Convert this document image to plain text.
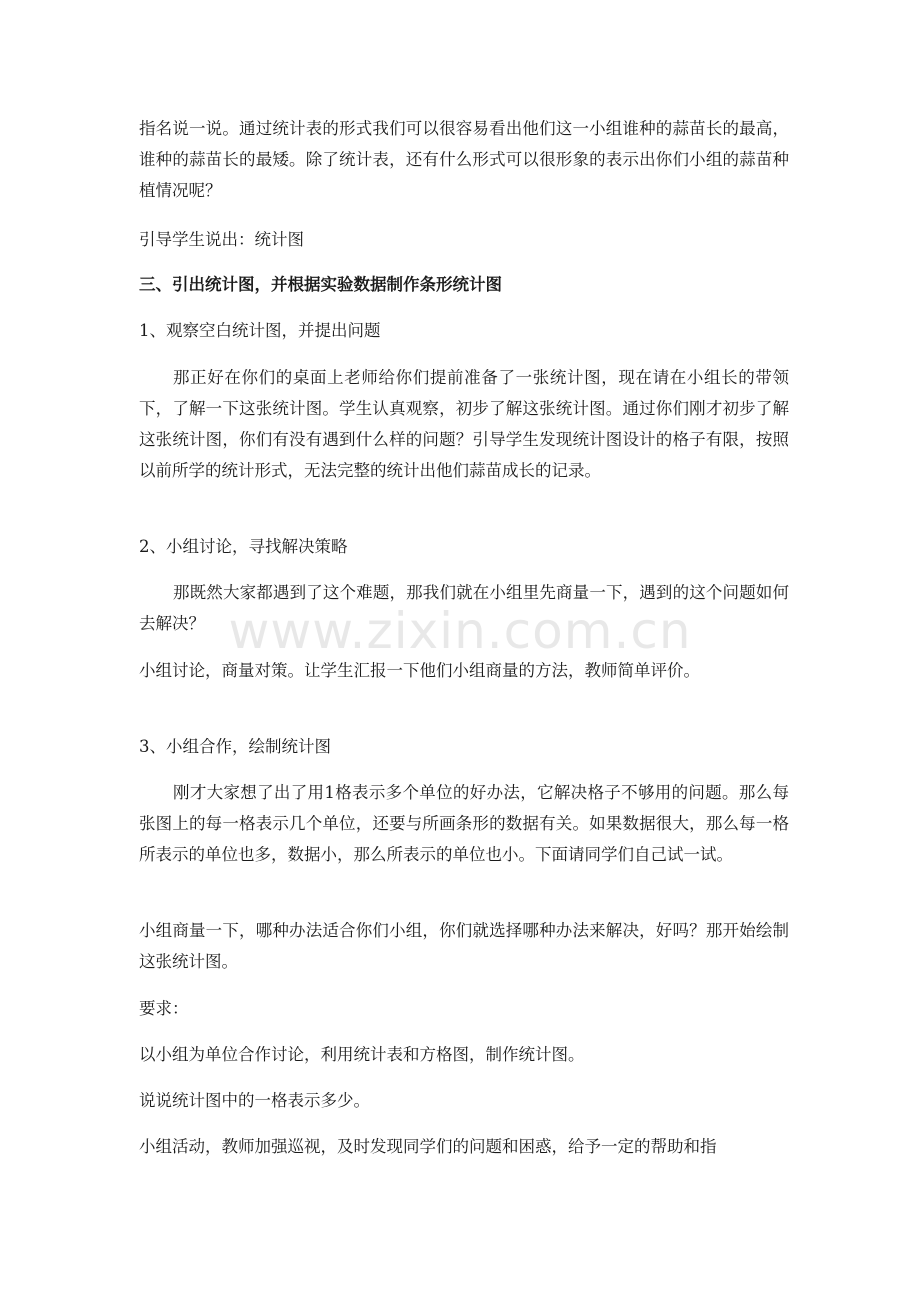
指名说一说。通过统计表的形式我们可以很容易看出他们这一小组谁种的蒜苗长的最高，谁种的蒜苗长的最矮。除了统计表，还有什么形式可以很形象的表示出你们小组的蒜苗种植情况呢？

引导学生说出：统计图

三、引出统计图，并根据实验数据制作条形统计图

1、观察空白统计图，并提出问题

那正好在你们的桌面上老师给你们提前准备了一张统计图，现在请在小组长的带领下，了解一下这张统计图。学生认真观察，初步了解这张统计图。通过你们刚才初步了解这张统计图，你们有没有遇到什么样的问题？引导学生发现统计图设计的格子有限，按照以前所学的统计形式，无法完整的统计出他们蒜苗成长的记录。

2、小组讨论，寻找解决策略

那既然大家都遇到了这个难题，那我们就在小组里先商量一下，遇到的这个问题如何去解决？

小组讨论，商量对策。让学生汇报一下他们小组商量的方法，教师简单评价。

3、小组合作，绘制统计图

刚才大家想了出了用1格表示多个单位的好办法，它解决格子不够用的问题。那么每张图上的每一格表示几个单位，还要与所画条形的数据有关。如果数据很大，那么每一格所表示的单位也多，数据小，那么所表示的单位也小。下面请同学们自己试一试。

小组商量一下，哪种办法适合你们小组，你们就选择哪种办法来解决，好吗？那开始绘制这张统计图。

要求：

以小组为单位合作讨论，利用统计表和方格图，制作统计图。

说说统计图中的一格表示多少。

小组活动，教师加强巡视，及时发现同学们的问题和困惑，给予一定的帮助和指

www.zixin.com.cn
